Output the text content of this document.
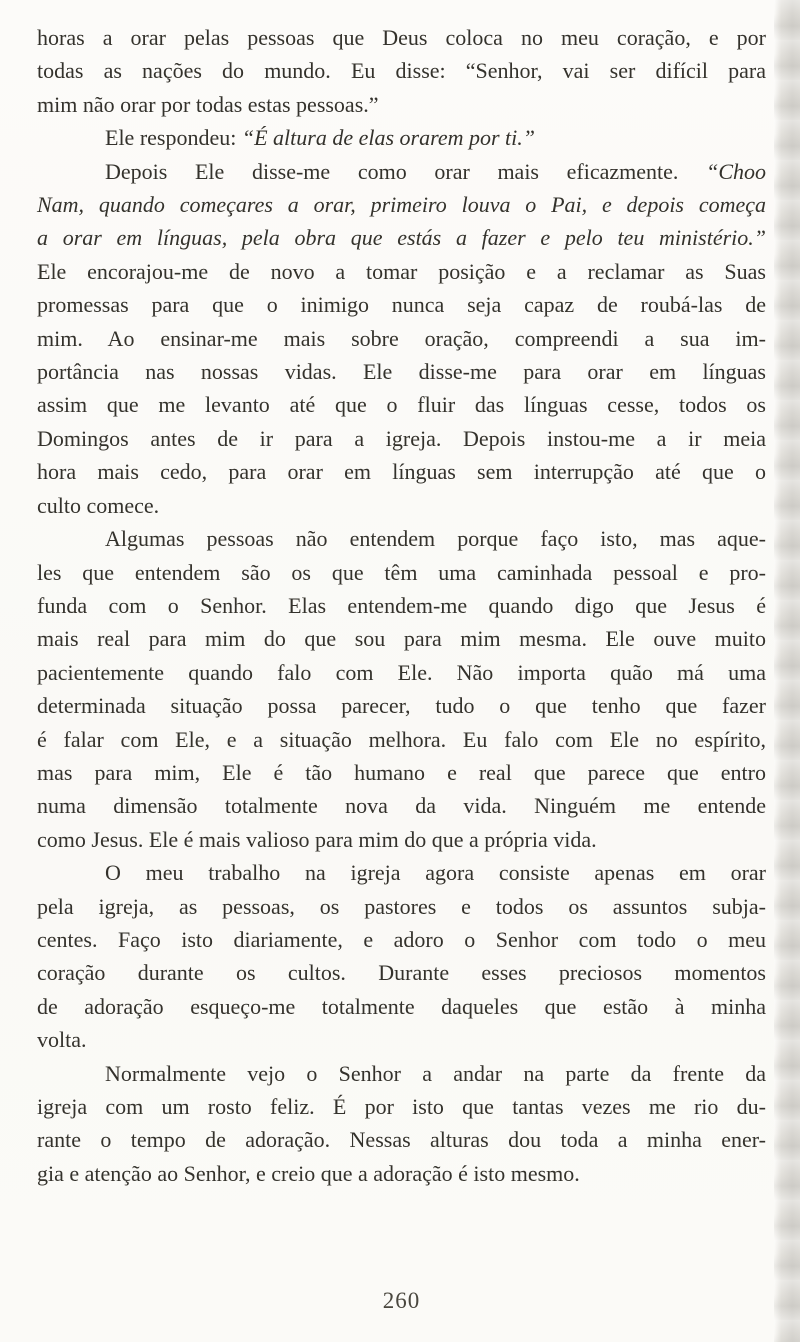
horas a orar pelas pessoas que Deus coloca no meu coração, e por
todas as nações do mundo. Eu disse: “Senhor, vai ser difícil para
mim não orar por todas estas pessoas.”
Ele respondeu: “É altura de elas orarem por ti.”
Depois Ele disse-me como orar mais eficazmente. “Choo
Nam, quando começares a orar, primeiro louva o Pai, e depois começa
a orar em línguas, pela obra que estás a fazer e pelo teu ministério.”
Ele encorajou-me de novo a tomar posição e a reclamar as Suas
promessas para que o inimigo nunca seja capaz de roubá-las de
mim. Ao ensinar-me mais sobre oração, compreendi a sua im-
portância nas nossas vidas. Ele disse-me para orar em línguas
assim que me levanto até que o fluir das línguas cesse, todos os
Domingos antes de ir para a igreja. Depois instou-me a ir meia
hora mais cedo, para orar em línguas sem interrupção até que o
culto comece.
Algumas pessoas não entendem porque faço isto, mas aque-
les que entendem são os que têm uma caminhada pessoal e pro-
funda com o Senhor. Elas entendem-me quando digo que Jesus é
mais real para mim do que sou para mim mesma. Ele ouve muito
pacientemente quando falo com Ele. Não importa quão má uma
determinada situação possa parecer, tudo o que tenho que fazer
é falar com Ele, e a situação melhora. Eu falo com Ele no espírito,
mas para mim, Ele é tão humano e real que parece que entro
numa dimensão totalmente nova da vida. Ninguém me entende
como Jesus. Ele é mais valioso para mim do que a própria vida.
O meu trabalho na igreja agora consiste apenas em orar
pela igreja, as pessoas, os pastores e todos os assuntos subja-
centes. Faço isto diariamente, e adoro o Senhor com todo o meu
coração durante os cultos. Durante esses preciosos momentos
de adoração esqueço-me totalmente daqueles que estão à minha
volta.
Normalmente vejo o Senhor a andar na parte da frente da
igreja com um rosto feliz. É por isto que tantas vezes me rio du-
rante o tempo de adoração. Nessas alturas dou toda a minha ener-
gia e atenção ao Senhor, e creio que a adoração é isto mesmo.
260
